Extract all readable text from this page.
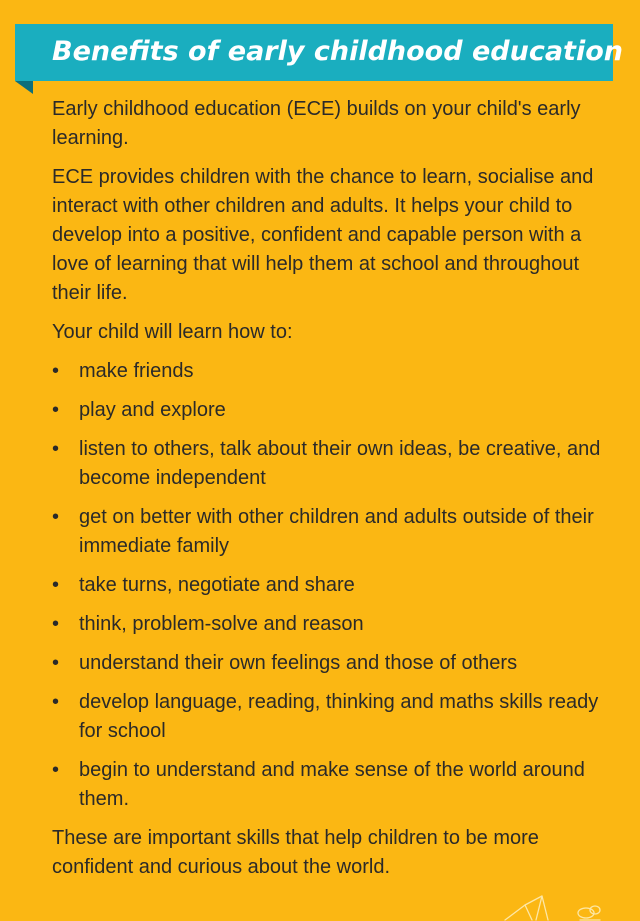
Benefits of early childhood education

Early childhood education (ECE) builds on your child's early learning.

ECE provides children with the chance to learn, socialise and interact with other children and adults. It helps your child to develop into a positive, confident and capable person with a love of learning that will help them at school and throughout their life.

Your child will learn how to:

• make friends
• play and explore
• listen to others, talk about their own ideas, be creative, and become independent
• get on better with other children and adults outside of their immediate family
• take turns, negotiate and share
• think, problem-solve and reason
• understand their own feelings and those of others
• develop language, reading, thinking and maths skills ready for school
• begin to understand and make sense of the world around them.

These are important skills that help children to be more confident and curious about the world.
